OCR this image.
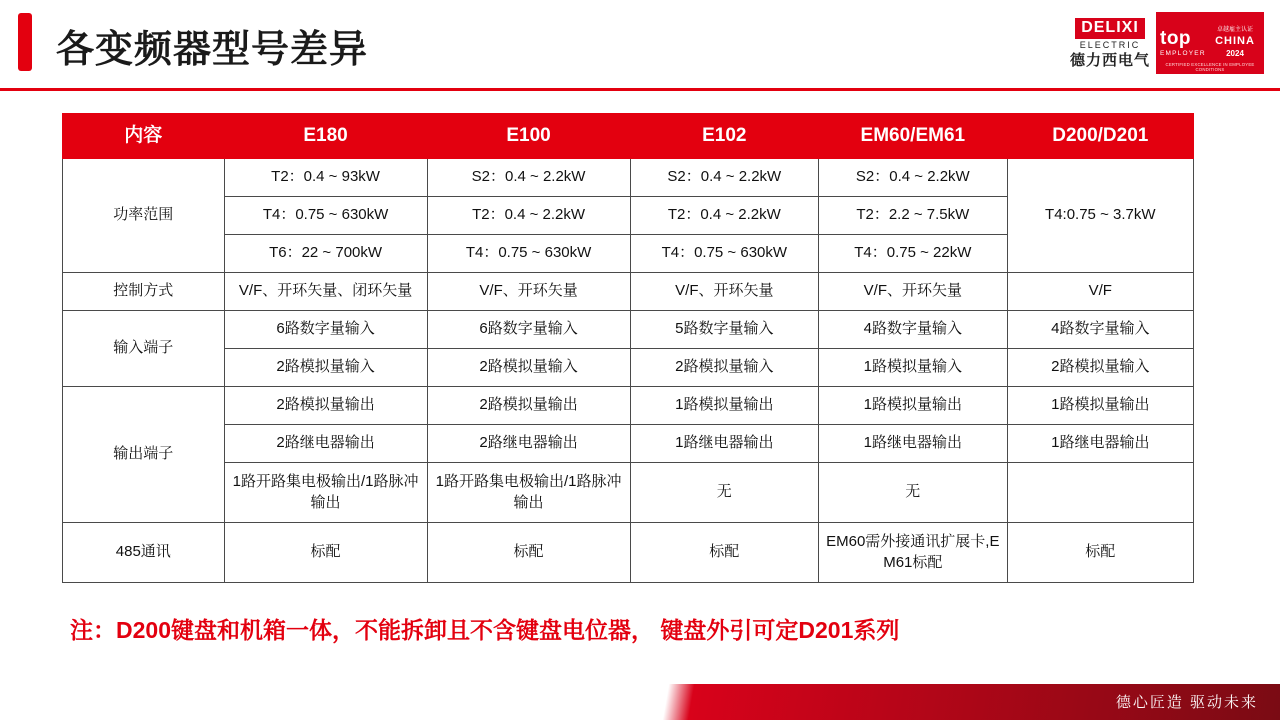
各变频器型号差异
DELIXI
ELECTRIC
德力西电气
top
EMPLOYER
卓越雇主认证
CHINA
2024
CERTIFIED EXCELLENCE IN EMPLOYEE CONDITIONS
内容	E180	E100	E102	EM60/EM61	D200/D201
功率范围	T2：0.4 ~ 93kW	S2：0.4 ~ 2.2kW	S2：0.4 ~ 2.2kW	S2：0.4 ~ 2.2kW	T4:0.75 ~ 3.7kW
	T4：0.75 ~ 630kW	T2：0.4 ~ 2.2kW	T2：0.4 ~ 2.2kW	T2：2.2 ~ 7.5kW	
	T6：22 ~ 700kW	T4：0.75 ~ 630kW	T4：0.75 ~ 630kW	T4：0.75 ~ 22kW	
控制方式	V/F、开环矢量、闭环矢量	V/F、开环矢量	V/F、开环矢量	V/F、开环矢量	V/F
输入端子	6路数字量输入	6路数字量输入	5路数字量输入	4路数字量输入	4路数字量输入
	2路模拟量输入	2路模拟量输入	2路模拟量输入	1路模拟量输入	2路模拟量输入
输出端子	2路模拟量输出	2路模拟量输出	1路模拟量输出	1路模拟量输出	1路模拟量输出
	2路继电器输出	2路继电器输出	1路继电器输出	1路继电器输出	1路继电器输出
	1路开路集电极输出/1路脉冲输出	1路开路集电极输出/1路脉冲输出	无	无	
485通讯	标配	标配	标配	EM60需外接通讯扩展卡,EM61标配	标配
注：D200键盘和机箱一体，不能拆卸且不含键盘电位器， 键盘外引可定D201系列
德心匠造 驱动未来
